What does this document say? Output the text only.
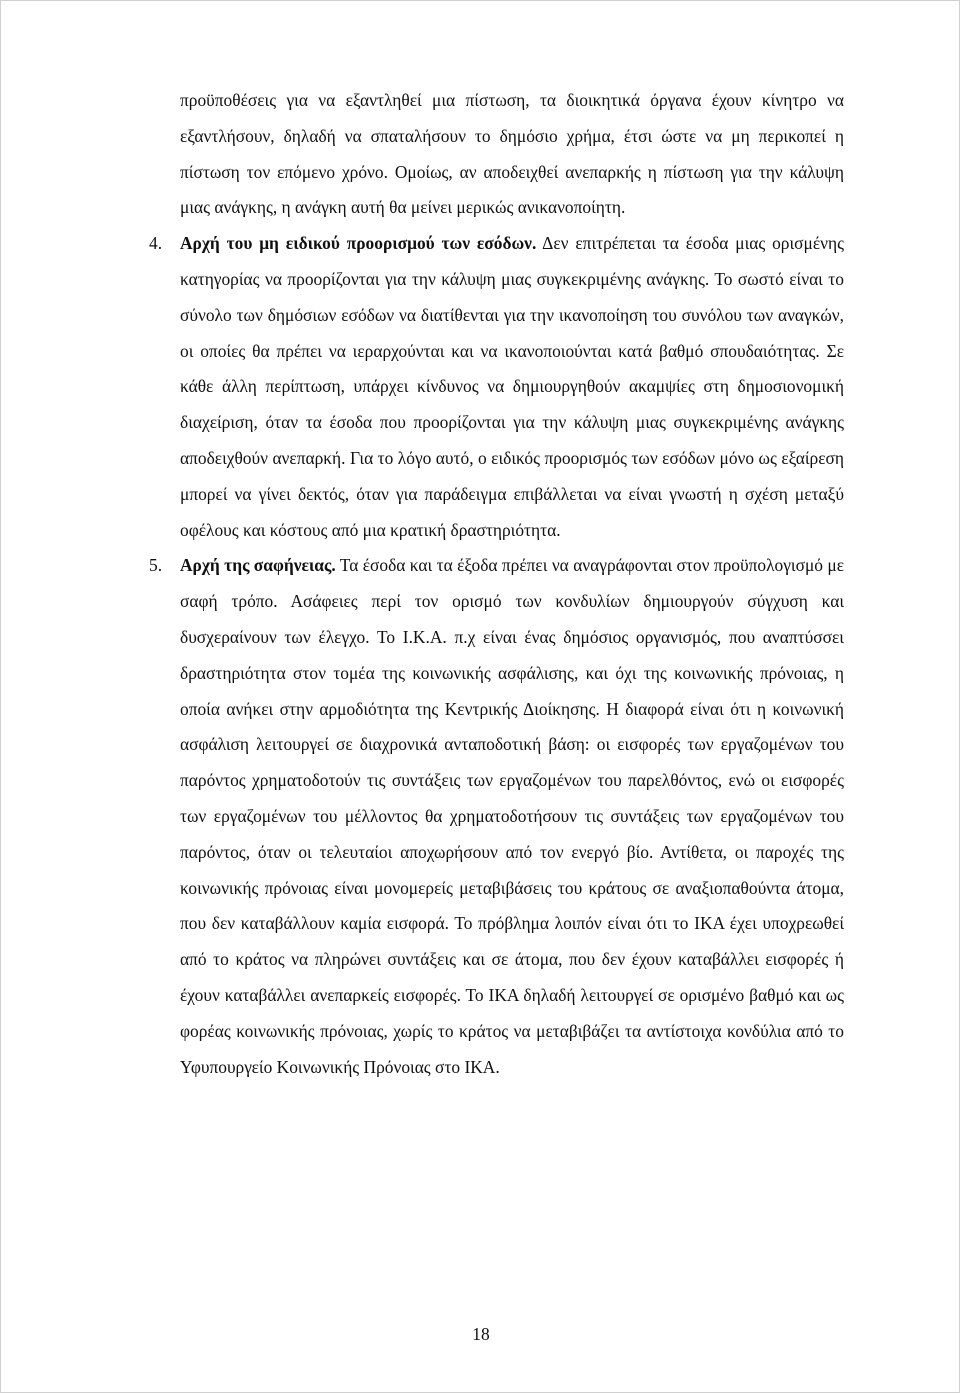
προϋποθέσεις για να εξαντληθεί μια πίστωση, τα διοικητικά όργανα έχουν κίνητρο να εξαντλήσουν, δηλαδή να σπαταλήσουν το δημόσιο χρήμα, έτσι ώστε να μη περικοπεί η πίστωση τον επόμενο χρόνο. Ομοίως, αν αποδειχθεί ανεπαρκής η πίστωση για την κάλυψη μιας ανάγκης, η ανάγκη αυτή θα μείνει μερικώς ανικανοποίητη.

4. Αρχή του μη ειδικού προορισμού των εσόδων. Δεν επιτρέπεται τα έσοδα μιας ορισμένης κατηγορίας να προορίζονται για την κάλυψη μιας συγκεκριμένης ανάγκης. Το σωστό είναι το σύνολο των δημόσιων εσόδων να διατίθενται για την ικανοποίηση του συνόλου των αναγκών, οι οποίες θα πρέπει να ιεραρχούνται και να ικανοποιούνται κατά βαθμό σπουδαιότητας. Σε κάθε άλλη περίπτωση, υπάρχει κίνδυνος να δημιουργηθούν ακαμψίες στη δημοσιονομική διαχείριση, όταν τα έσοδα που προορίζονται για την κάλυψη μιας συγκεκριμένης ανάγκης αποδειχθούν ανεπαρκή. Για το λόγο αυτό, ο ειδικός προορισμός των εσόδων μόνο ως εξαίρεση μπορεί να γίνει δεκτός, όταν για παράδειγμα επιβάλλεται να είναι γνωστή η σχέση μεταξύ οφέλους και κόστους από μια κρατική δραστηριότητα.

5. Αρχή της σαφήνειας. Τα έσοδα και τα έξοδα πρέπει να αναγράφονται στον προϋπολογισμό με σαφή τρόπο. Ασάφειες περί τον ορισμό των κονδυλίων δημιουργούν σύγχυση και δυσχεραίνουν των έλεγχο. Το Ι.Κ.Α. π.χ είναι ένας δημόσιος οργανισμός, που αναπτύσσει δραστηριότητα στον τομέα της κοινωνικής ασφάλισης, και όχι της κοινωνικής πρόνοιας, η οποία ανήκει στην αρμοδιότητα της Κεντρικής Διοίκησης. Η διαφορά είναι ότι η κοινωνική ασφάλιση λειτουργεί σε διαχρονικά ανταποδοτική βάση: οι εισφορές των εργαζομένων του παρόντος χρηματοδοτούν τις συντάξεις των εργαζομένων του παρελθόντος, ενώ οι εισφορές των εργαζομένων του μέλλοντος θα χρηματοδοτήσουν τις συντάξεις των εργαζομένων του παρόντος, όταν οι τελευταίοι αποχωρήσουν από τον ενεργό βίο. Αντίθετα, οι παροχές της κοινωνικής πρόνοιας είναι μονομερείς μεταβιβάσεις του κράτους σε αναξιοπαθούντα άτομα, που δεν καταβάλλουν καμία εισφορά. Το πρόβλημα λοιπόν είναι ότι το ΙΚΑ έχει υποχρεωθεί από το κράτος να πληρώνει συντάξεις και σε άτομα, που δεν έχουν καταβάλλει εισφορές ή έχουν καταβάλλει ανεπαρκείς εισφορές. Το ΙΚΑ δηλαδή λειτουργεί σε ορισμένο βαθμό και ως φορέας κοινωνικής πρόνοιας, χωρίς το κράτος να μεταβιβάζει τα αντίστοιχα κονδύλια από το Υφυπουργείο Κοινωνικής Πρόνοιας στο ΙΚΑ.

18
